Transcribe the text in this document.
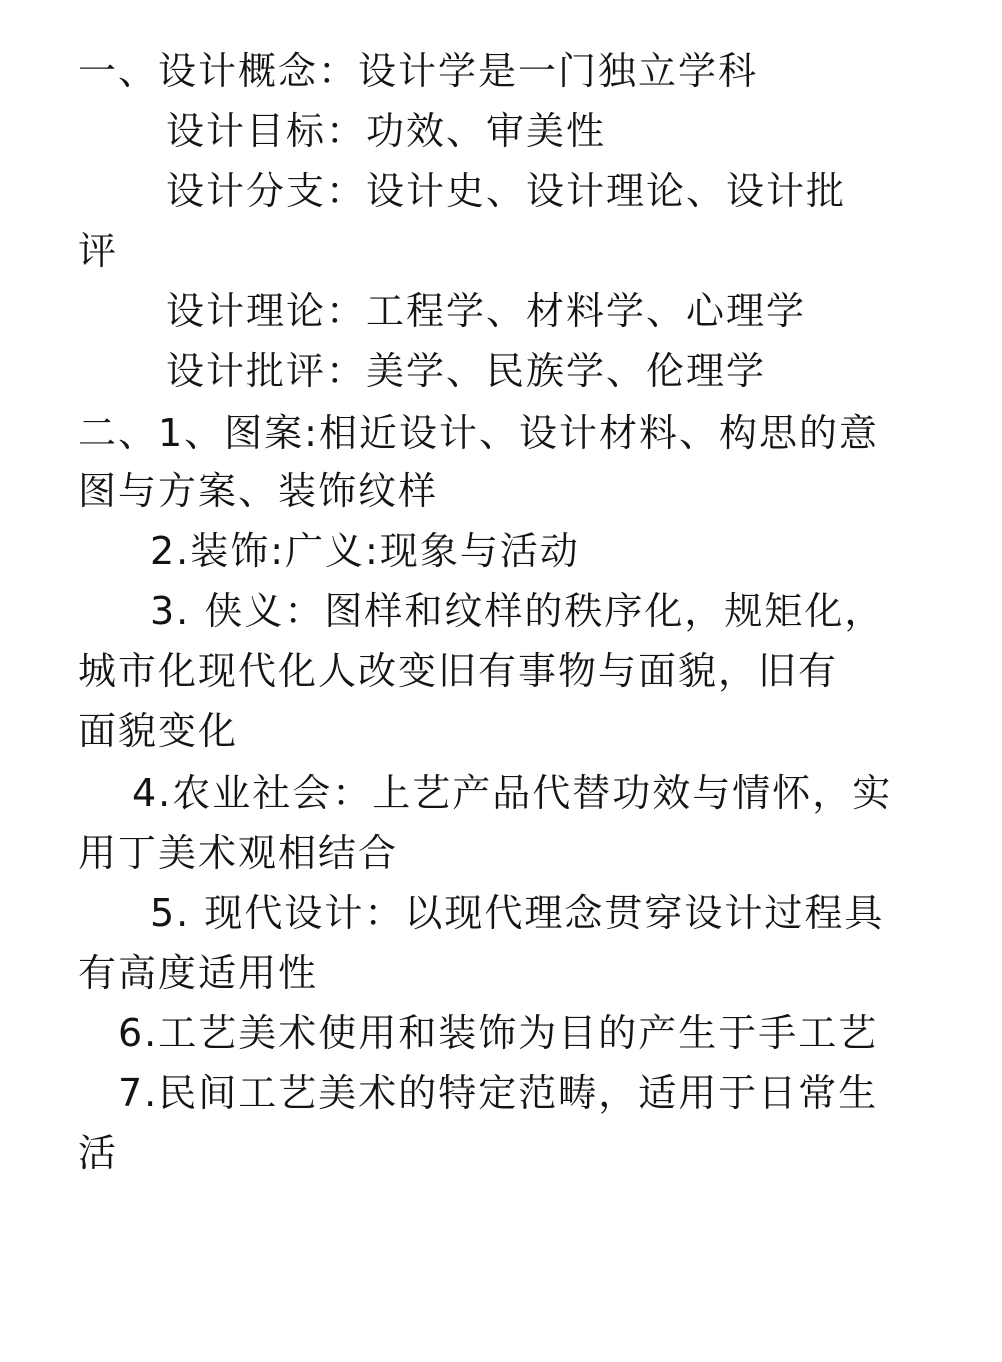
一、设计概念：设计学是一门独立学科

设计目标：功效、审美性

设计分支：设计史、设计理论、设计批

评

设计理论：工程学、材料学、心理学

设计批评：美学、民族学、伦理学

二、1、图案:相近设计、设计材料、构思的意

图与方案、装饰纹样

2.装饰:广义:现象与活动

3. 侠义：图样和纹样的秩序化，规矩化，

城市化现代化人改变旧有事物与面貌，旧有

面貌变化

4.农业社会：上艺产品代替功效与情怀，实

用丁美术观相结合

5. 现代设计：以现代理念贯穿设计过程具

有高度适用性

6.工艺美术使用和装饰为目的产生于手工艺

7.民间工艺美术的特定范畴，适用于日常生

活
